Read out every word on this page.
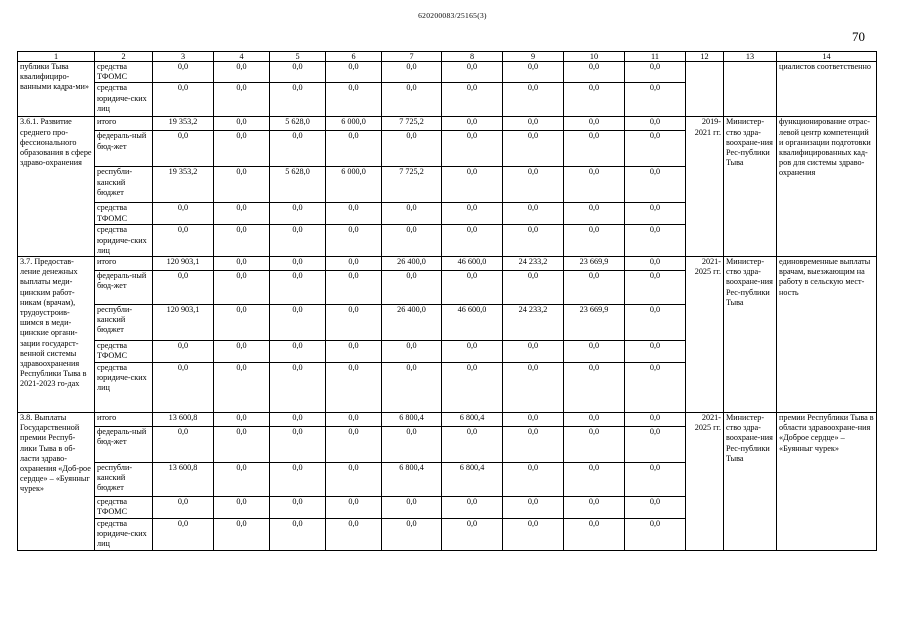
620200083/25165(3)
70
1	2	3	4	5	6	7	8	9	10	11	12	13	14
публики Тыва квалифициро-ванными кадра-ми»	средства ТФОМС	0,0	0,0	0,0	0,0	0,0	0,0	0,0	0,0	0,0			циалистов соответственно
	средства юридиче-ских лиц	0,0	0,0	0,0	0,0	0,0	0,0	0,0	0,0	0,0			
3.6.1. Развитие среднего про-фессионального образования в сфере здраво-охранения	итого	19 353,2	0,0	5 628,0	6 000,0	7 725,2	0,0	0,0	0,0	0,0	2019-2021 гг.	Министер-ство здра-воохране-ния Рес-публики Тыва	функционирование отрас-левой центр компетенций и организации подготовки квалифицированных кад-ров для системы здраво-охранения
	федераль-ный бюд-жет	0,0	0,0	0,0	0,0	0,0	0,0	0,0	0,0	0,0			
	республи-канский бюджет	19 353,2	0,0	5 628,0	6 000,0	7 725,2	0,0	0,0	0,0	0,0			
	средства ТФОМС	0,0	0,0	0,0	0,0	0,0	0,0	0,0	0,0	0,0			
	средства юридиче-ских лиц	0,0	0,0	0,0	0,0	0,0	0,0	0,0	0,0	0,0			
3.7. Предостав-ление денежных выплаты меди-цинским работ-никам (врачам), трудоустроив-шимся в меди-цинские органи-зации государст-венной системы здравоохранения Республики Тыва в 2021-2023 го-дах	итого	120 903,1	0,0	0,0	0,0	26 400,0	46 600,0	24 233,2	23 669,9	0,0	2021-2025 гг.	Министер-ство здра-воохране-ния Рес-публики Тыва	единовременные выплаты врачам, выезжающим на работу в сельскую мест-ность
	федераль-ный бюд-жет	0,0	0,0	0,0	0,0	0,0	0,0	0,0	0,0	0,0			
	республи-канский бюджет	120 903,1	0,0	0,0	0,0	26 400,0	46 600,0	24 233,2	23 669,9	0,0			
	средства ТФОМС	0,0	0,0	0,0	0,0	0,0	0,0	0,0	0,0	0,0			
	средства юридиче-ских лиц	0,0	0,0	0,0	0,0	0,0	0,0	0,0	0,0	0,0			
3.8. Выплаты Государственной премии Респуб-лики Тыва в об-ласти здраво-охранения «Доб-рое сердце» – «Буянныг чурек»	итого	13 600,8	0,0	0,0	0,0	6 800,4	6 800,4	0,0	0,0	0,0	2021-2025 гг.	Министер-ство здра-воохране-ния Рес-публики Тыва	премии Республики Тыва в области здравоохране-ния «Доброе сердце» – «Буянныг чурек»
	федераль-ный бюд-жет	0,0	0,0	0,0	0,0	0,0	0,0	0,0	0,0	0,0			
	республи-канский бюджет	13 600,8	0,0	0,0	0,0	6 800,4	6 800,4	0,0	0,0	0,0			
	средства ТФОМС	0,0	0,0	0,0	0,0	0,0	0,0	0,0	0,0	0,0			
	средства юридиче-ских лиц	0,0	0,0	0,0	0,0	0,0	0,0	0,0	0,0	0,0			
